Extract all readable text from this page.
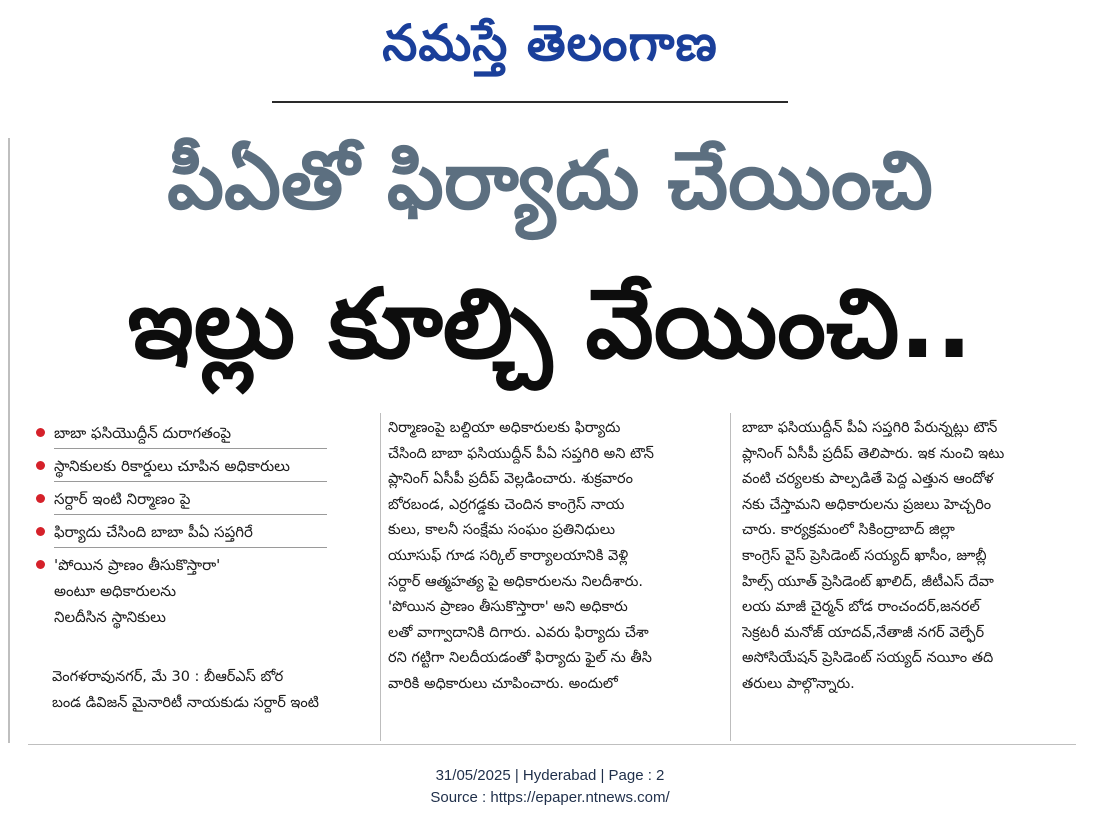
నమస్తే తెలంగాణ
పీఏతో ఫిర్యాదు చేయించి
ఇల్లు కూల్చి వేయించి..
బాబా ఫసియొద్దీన్ దురాగతంపై
స్థానికులకు రికార్డులు చూపిన అధికారులు
సర్దార్ ఇంటి నిర్మాణం పై
ఫిర్యాదు చేసింది బాబా పీఏ సప్తగిరే
'పోయిన ప్రాణం తీసుకొస్తారా'
అంటూ అధికారులను
నిలదీసిన స్థానికులు
వెంగళరావునగర్, మే 30 : బీఆర్‌ఎస్ బోర
బండ డివిజన్ మైనారిటీ నాయకుడు సర్దార్ ఇంటి
నిర్మాణంపై బల్దియా అధికారులకు ఫిర్యాదు
చేసింది బాబా ఫసియుద్దీన్ పీఏ సప్తగిరి అని టౌన్
ప్లానింగ్ ఏసీపీ ప్రదీప్ వెల్లడించారు. శుక్రవారం
బోరబండ, ఎర్రగడ్డకు చెందిన కాంగ్రెస్ నాయ
కులు, కాలనీ సంక్షేమ సంఘం ప్రతినిధులు
యూసుఫ్ గూడ సర్కిల్ కార్యాలయానికి వెళ్లి
సర్దార్ ఆత్మహత్య పై అధికారులను నిలదీశారు.
'పోయిన ప్రాణం తీసుకొస్తారా' అని అధికారు
లతో వాగ్వాదానికి దిగారు. ఎవరు ఫిర్యాదు చేశా
రని గట్టిగా నిలదీయడంతో ఫిర్యాదు ఫైల్ ను తీసి
వారికి అధికారులు చూపించారు. అందులో
బాబా ఫసియుద్దీన్ పీఏ సప్తగిరి పేరున్నట్లు టౌన్
ప్లానింగ్ ఏసీపీ ప్రదీప్ తెలిపారు. ఇక నుంచి ఇటు
వంటి చర్యలకు పాల్పడితే పెద్ద ఎత్తున ఆందోళ
నకు చేస్తామని అధికారులను ప్రజలు హెచ్చరిం
చారు. కార్యక్రమంలో సికింద్రాబాద్ జిల్లా
కాంగ్రెస్ వైస్ ప్రెసిడెంట్ సయ్యద్ ఖాసీం, జూబ్లీ
హిల్స్ యూత్ ప్రెసిడెంట్ ఖాలిద్, జీటీఎస్ దేవా
లయ మాజీ చైర్మన్ బోడ రాంచందర్,జనరల్
సెక్రటరీ మనోజ్ యాదవ్,నేతాజీ నగర్ వెల్ఫేర్
అసోసియేషన్ ప్రెసిడెంట్ సయ్యద్ నయీం తది
తరులు పాల్గొన్నారు.
31/05/2025 | Hyderabad | Page : 2
Source : https://epaper.ntnews.com/
